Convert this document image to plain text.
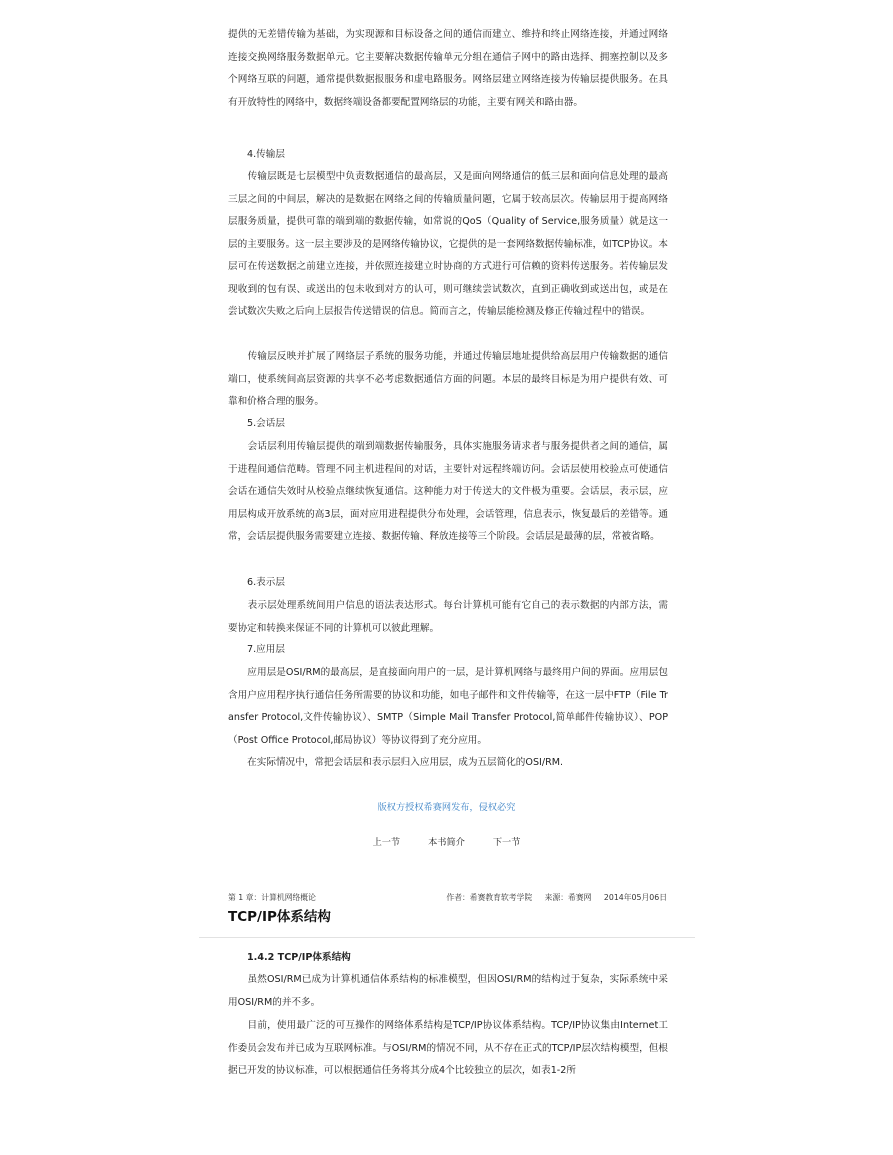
提供的无差错传输为基础，为实现源和目标设备之间的通信而建立、维持和终止网络连接，并通过网络连接交换网络服务数据单元。它主要解决数据传输单元分组在通信子网中的路由选择、拥塞控制以及多个网络互联的问题，通常提供数据报服务和虚电路服务。网络层建立网络连接为传输层提供服务。在具有开放特性的网络中，数据终端设备都要配置网络层的功能，主要有网关和路由器。

4.传输层

　　传输层既是七层模型中负责数据通信的最高层，又是面向网络通信的低三层和面向信息处理的最高三层之间的中间层，解决的是数据在网络之间的传输质量问题，它属于较高层次。传输层用于提高网络层服务质量，提供可靠的端到端的数据传输，如常说的QoS（Quality of Service,服务质量）就是这一层的主要服务。这一层主要涉及的是网络传输协议，它提供的是一套网络数据传输标准，如TCP协议。本层可在传送数据之前建立连接，并依照连接建立时协商的方式进行可信赖的资料传送服务。若传输层发现收到的包有误、或送出的包未收到对方的认可，则可继续尝试数次，直到正确收到或送出包，或是在尝试数次失败之后向上层报告传送错误的信息。简而言之，传输层能检测及修正传输过程中的错误。

　　传输层反映并扩展了网络层子系统的服务功能，并通过传输层地址提供给高层用户传输数据的通信端口，使系统间高层资源的共享不必考虑数据通信方面的问题。本层的最终目标是为用户提供有效、可靠和价格合理的服务。

5.会话层

　　会话层利用传输层提供的端到端数据传输服务，具体实施服务请求者与服务提供者之间的通信，属于进程间通信范畴。管理不同主机进程间的对话，主要针对远程终端访问。会话层使用校验点可使通信会话在通信失效时从校验点继续恢复通信。这种能力对于传送大的文件极为重要。会话层，表示层，应用层构成开放系统的高3层，面对应用进程提供分布处理，会话管理，信息表示，恢复最后的差错等。通常，会话层提供服务需要建立连接、数据传输、释放连接等三个阶段。会话层是最薄的层，常被省略。

6.表示层

　　表示层处理系统间用户信息的语法表达形式。每台计算机可能有它自己的表示数据的内部方法，需要协定和转换来保证不同的计算机可以彼此理解。

7.应用层

　　应用层是OSI/RM的最高层，是直接面向用户的一层，是计算机网络与最终用户间的界面。应用层包含用户应用程序执行通信任务所需要的协议和功能，如电子邮件和文件传输等，在这一层中FTP（File Transfer Protocol,文件传输协议）、SMTP（Simple Mail Transfer Protocol,简单邮件传输协议）、POP（Post Office Protocol,邮局协议）等协议得到了充分应用。

　　在实际情况中，常把会话层和表示层归入应用层，成为五层简化的OSI/RM.

版权方授权希赛网发布，侵权必究
上一节	本书简介	下一节
第 1 章：计算机网络概论	作者：希赛教育软考学院 来源：希赛网 2014年05月06日
TCP/IP体系结构

1.4.2 TCP/IP体系结构

　　虽然OSI/RM已成为计算机通信体系结构的标准模型，但因OSI/RM的结构过于复杂，实际系统中采用OSI/RM的并不多。

　　目前，使用最广泛的可互操作的网络体系结构是TCP/IP协议体系结构。TCP/IP协议集由Internet工作委员会发布并已成为互联网标准。与OSI/RM的情况不同，从不存在正式的TCP/IP层次结构模型，但根据已开发的协议标准，可以根据通信任务将其分成4个比较独立的层次，如表1-2所
